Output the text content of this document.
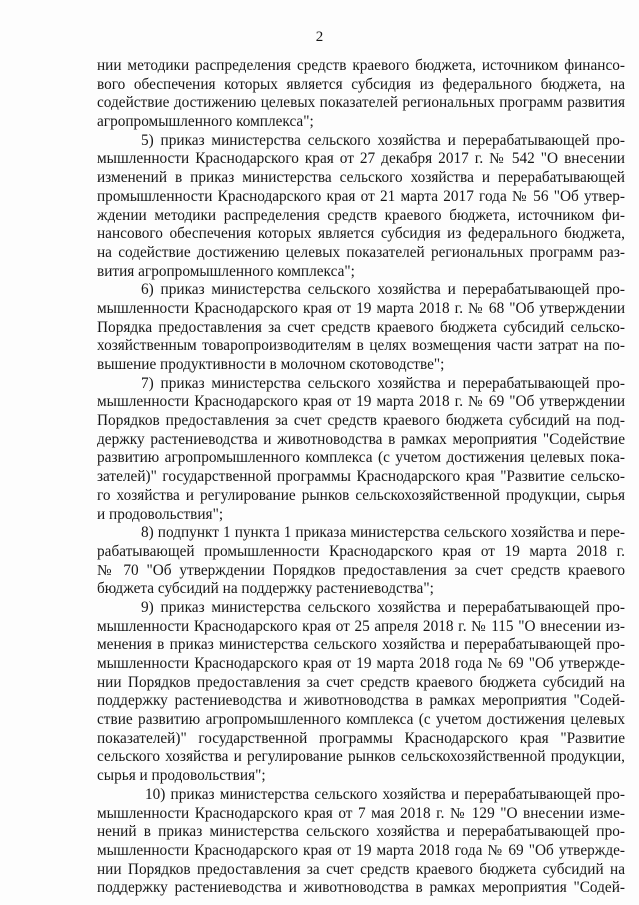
2
нии методики распределения средств краевого бюджета, источником финансо-
вого обеспечения которых является субсидия из федерального бюджета, на
содействие достижению целевых показателей региональных программ развития
агропромышленного комплекса";
5) приказ министерства сельского хозяйства и перерабатывающей про-
мышленности Краснодарского края от 27 декабря 2017 г. № 542 "О внесении
изменений в приказ министерства сельского хозяйства и перерабатывающей
промышленности Краснодарского края от 21 марта 2017 года № 56 "Об утвер-
ждении методики распределения средств краевого бюджета, источником фи-
нансового обеспечения которых является субсидия из федерального бюджета,
на содействие достижению целевых показателей региональных программ раз-
вития агропромышленного комплекса";
6) приказ министерства сельского хозяйства и перерабатывающей про-
мышленности Краснодарского края от 19 марта 2018 г. № 68 "Об утверждении
Порядка предоставления за счет средств краевого бюджета субсидий сельско-
хозяйственным товаропроизводителям в целях возмещения части затрат на по-
вышение продуктивности в молочном скотоводстве";
7) приказ министерства сельского хозяйства и перерабатывающей про-
мышленности Краснодарского края от 19 марта 2018 г. № 69 "Об утверждении
Порядков предоставления за счет средств краевого бюджета субсидий на под-
держку растениеводства и животноводства в рамках мероприятия "Содействие
развитию агропромышленного комплекса (с учетом достижения целевых пока-
зателей)" государственной программы Краснодарского края "Развитие сельско-
го хозяйства и регулирование рынков сельскохозяйственной продукции, сырья
и продовольствия";
8) подпункт 1 пункта 1 приказа министерства сельского хозяйства и пере-
рабатывающей промышленности Краснодарского края от 19 марта 2018 г.
№ 70 "Об утверждении Порядков предоставления за счет средств краевого
бюджета субсидий на поддержку растениеводства";
9) приказ министерства сельского хозяйства и перерабатывающей про-
мышленности Краснодарского края от 25 апреля 2018 г. № 115 "О внесении из-
менения в приказ министерства сельского хозяйства и перерабатывающей про-
мышленности Краснодарского края от 19 марта 2018 года № 69 "Об утвержде-
нии Порядков предоставления за счет средств краевого бюджета субсидий на
поддержку растениеводства и животноводства в рамках мероприятия "Содей-
ствие развитию агропромышленного комплекса (с учетом достижения целевых
показателей)" государственной программы Краснодарского края "Развитие
сельского хозяйства и регулирование рынков сельскохозяйственной продукции,
сырья и продовольствия";
10) приказ министерства сельского хозяйства и перерабатывающей про-
мышленности Краснодарского края от 7 мая 2018 г. № 129 "О внесении изме-
нений в приказ министерства сельского хозяйства и перерабатывающей про-
мышленности Краснодарского края от 19 марта 2018 года № 69 "Об утвержде-
нии Порядков предоставления за счет средств краевого бюджета субсидий на
поддержку растениеводства и животноводства в рамках мероприятия "Содей-
